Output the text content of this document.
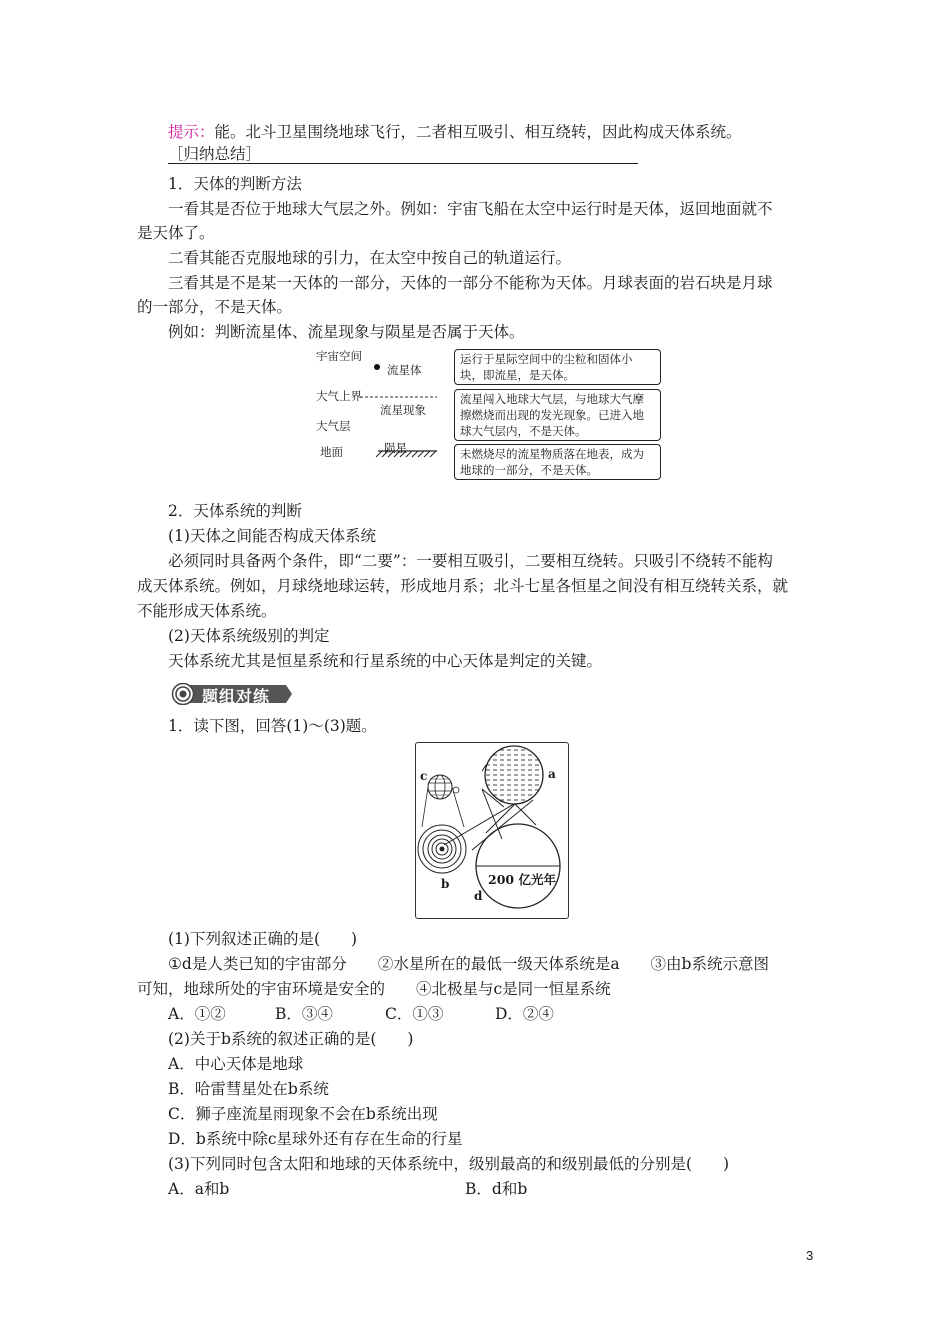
提示：能。北斗卫星围绕地球飞行，二者相互吸引、相互绕转，因此构成天体系统。
［归纳总结］
1．天体的判断方法
一看其是否位于地球大气层之外。例如：宇宙飞船在太空中运行时是天体，返回地面就不
是天体了。
二看其能否克服地球的引力，在太空中按自己的轨道运行。
三看其是不是某一天体的一部分，天体的一部分不能称为天体。月球表面的岩石块是月球
的一部分，不是天体。
例如：判断流星体、流星现象与陨星是否属于天体。
宇宙空间
大气上界
大气层
地面
流星体
流星现象
陨星
运行于星际空间中的尘粒和固体小
块，即流星，是天体。
流星闯入地球大气层，与地球大气摩
擦燃烧而出现的发光现象。已进入地
球大气层内，不是天体。
未燃烧尽的流星物质落在地表，成为
地球的一部分，不是天体。
2．天体系统的判断
(1)天体之间能否构成天体系统
必须同时具备两个条件，即“二要”：一要相互吸引，二要相互绕转。只吸引不绕转不能构
成天体系统。例如，月球绕地球运转，形成地月系；北斗七星各恒星之间没有相互绕转关系，就
不能形成天体系统。
(2)天体系统级别的判定
天体系统尤其是恒星系统和行星系统的中心天体是判定的关键。
题组对练
1．读下图，回答(1)～(3)题。
c	a
b
d
200 亿光年
(1)下列叙述正确的是(　　)
①d是人类已知的宇宙部分　　②水星所在的最低一级天体系统是a　　③由b系统示意图
可知，地球所处的宇宙环境是安全的　　④北极星与c是同一恒星系统
A．①②	B．③④	C．①③	D．②④
(2)关于b系统的叙述正确的是(　　)
A．中心天体是地球
B．哈雷彗星处在b系统
C．狮子座流星雨现象不会在b系统出现
D．b系统中除c星球外还有存在生命的行星
(3)下列同时包含太阳和地球的天体系统中，级别最高的和级别最低的分别是(　　)
A．a和b	B．d和b
3
